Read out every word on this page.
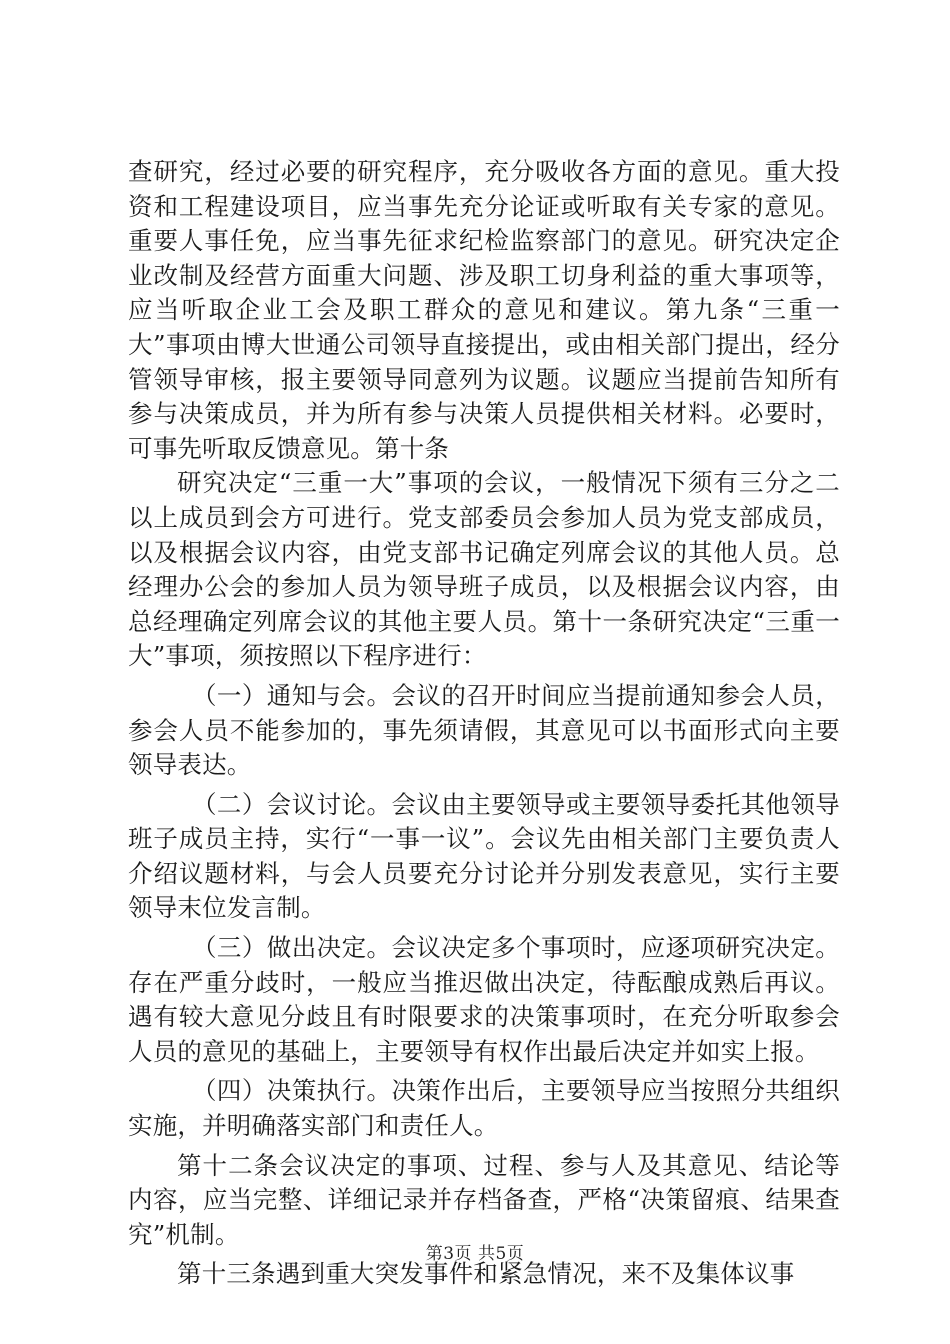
查研究，经过必要的研究程序，充分吸收各方面的意见。重大投资和工程建设项目，应当事先充分论证或听取有关专家的意见。重要人事任免，应当事先征求纪检监察部门的意见。研究决定企业改制及经营方面重大问题、涉及职工切身利益的重大事项等，应当听取企业工会及职工群众的意见和建议。第九条“三重一大”事项由博大世通公司领导直接提出，或由相关部门提出，经分管领导审核，报主要领导同意列为议题。议题应当提前告知所有参与决策成员，并为所有参与决策人员提供相关材料。必要时，可事先听取反馈意见。第十条

研究决定“三重一大”事项的会议，一般情况下须有三分之二以上成员到会方可进行。党支部委员会参加人员为党支部成员，以及根据会议内容，由党支部书记确定列席会议的其他人员。总经理办公会的参加人员为领导班子成员，以及根据会议内容，由总经理确定列席会议的其他主要人员。第十一条研究决定“三重一大”事项，须按照以下程序进行：

（一）通知与会。会议的召开时间应当提前通知参会人员，参会人员不能参加的，事先须请假，其意见可以书面形式向主要领导表达。

（二）会议讨论。会议由主要领导或主要领导委托其他领导班子成员主持，实行“一事一议”。会议先由相关部门主要负责人介绍议题材料，与会人员要充分讨论并分别发表意见，实行主要领导末位发言制。

（三）做出决定。会议决定多个事项时，应逐项研究决定。存在严重分歧时，一般应当推迟做出决定，待酝酿成熟后再议。遇有较大意见分歧且有时限要求的决策事项时，在充分听取参会人员的意见的基础上，主要领导有权作出最后决定并如实上报。

（四）决策执行。决策作出后，主要领导应当按照分共组织实施，并明确落实部门和责任人。

第十二条会议决定的事项、过程、参与人及其意见、结论等内容，应当完整、详细记录并存档备查，严格“决策留痕、结果查究”机制。

第十三条遇到重大突发事件和紧急情况，来不及集体议事

第3页 共5页
